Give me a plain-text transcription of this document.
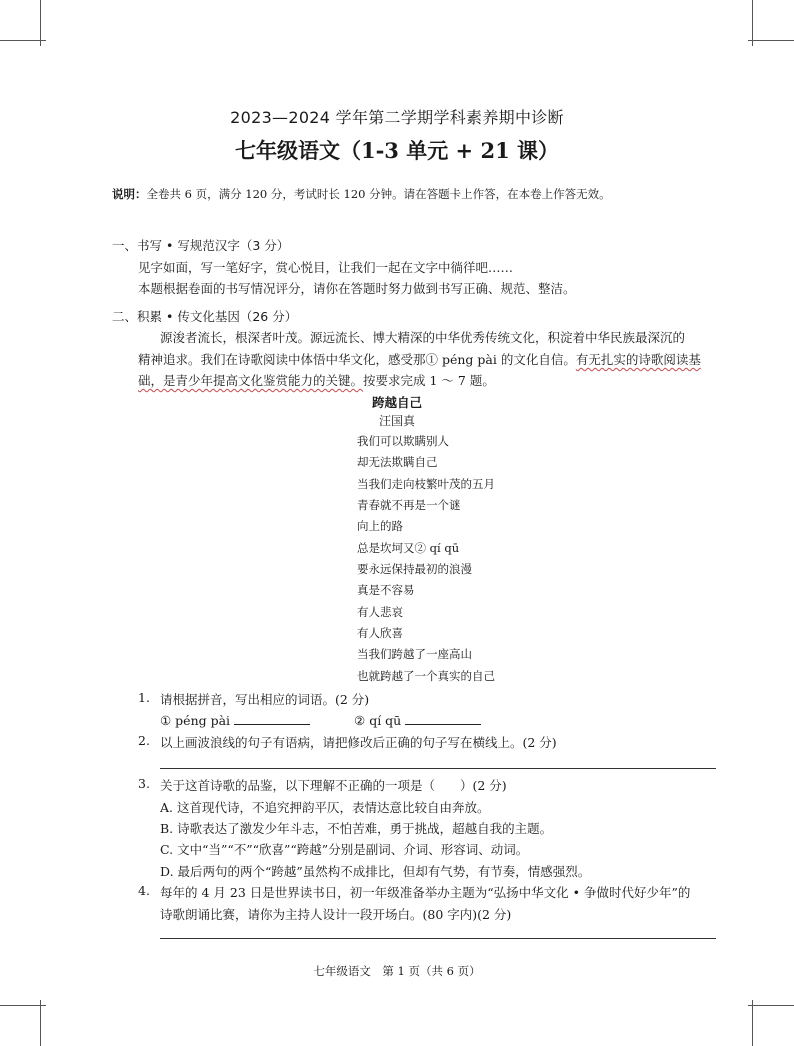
2023—2024 学年第二学期学科素养期中诊断
七年级语文（1-3 单元 + 21 课）
说明：全卷共 6 页，满分 120 分，考试时长 120 分钟。请在答题卡上作答，在本卷上作答无效。
一、书写 • 写规范汉字（3 分）
见字如面，写一笔好字，赏心悦目，让我们一起在文字中徜徉吧……
本题根据卷面的书写情况评分，请你在答题时努力做到书写正确、规范、整洁。
二、积累 • 传文化基因（26 分）
源浚者流长，根深者叶茂。源远流长、博大精深的中华优秀传统文化，积淀着中华民族最深沉的
精神追求。我们在诗歌阅读中体悟中华文化，感受那① péng pài 的文化自信。有无扎实的诗歌阅读基
础，是青少年提高文化鉴赏能力的关键。按要求完成 1 ～ 7 题。
跨越自己
汪国真
我们可以欺瞒别人
却无法欺瞒自己
当我们走向枝繁叶茂的五月
青春就不再是一个谜
向上的路
总是坎坷又② qí qū
要永远保持最初的浪漫
真是不容易
有人悲哀
有人欣喜
当我们跨越了一座高山
也就跨越了一个真实的自己
1. 请根据拼音，写出相应的词语。(2 分)
① péng pài	② qí qū
2. 以上画波浪线的句子有语病，请把修改后正确的句子写在横线上。(2 分)
3. 关于这首诗歌的品鉴，以下理解不正确的一项是（　　）(2 分)
A. 这首现代诗，不追究押韵平仄，表情达意比较自由奔放。
B. 诗歌表达了激发少年斗志，不怕苦难，勇于挑战，超越自我的主题。
C. 文中“当”“不”“欣喜”“跨越”分别是副词、介词、形容词、动词。
D. 最后两句的两个“跨越”虽然构不成排比，但却有气势，有节奏，情感强烈。
4. 每年的 4 月 23 日是世界读书日，初一年级准备举办主题为“弘扬中华文化 • 争做时代好少年”的
诗歌朗诵比赛，请你为主持人设计一段开场白。(80 字内)(2 分)
七年级语文　第 1 页（共 6 页）
